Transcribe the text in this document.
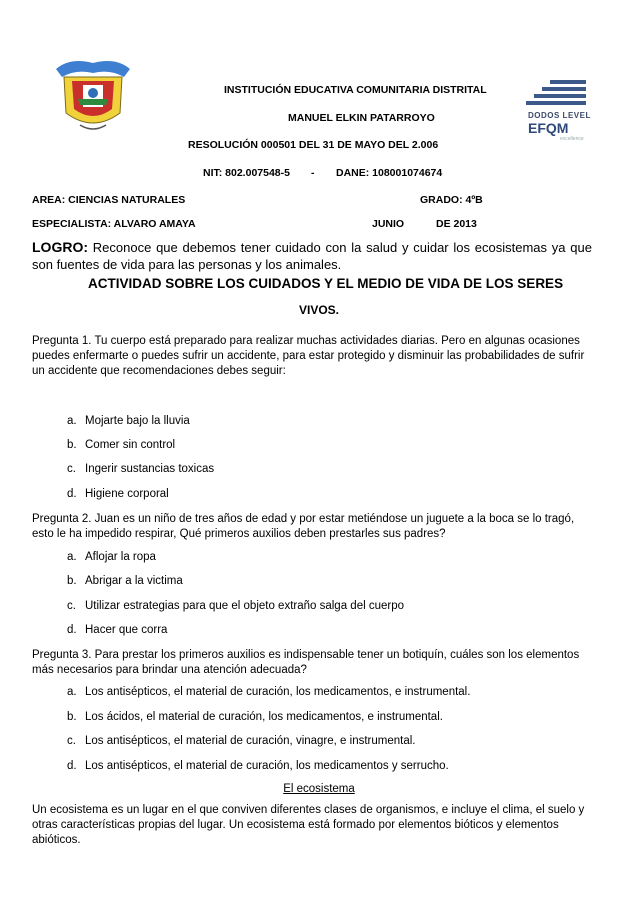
DODOS LEVEL
EFQM
excellence
INSTITUCIÓN EDUCATIVA COMUNITARIA DISTRITAL
MANUEL ELKIN PATARROYO
RESOLUCIÓN 000501 DEL 31 DE MAYO DEL 2.006
NIT: 802.007548-5 - DANE: 108001074674
AREA: CIENCIAS NATURALES	GRADO: 4ºB
ESPECIALISTA: ALVARO AMAYA	JUNIO	DE 2013
LOGRO: Reconoce que debemos tener cuidado con la salud y cuidar los ecosistemas ya que son fuentes de vida para las personas y los animales.
ACTIVIDAD SOBRE LOS CUIDADOS Y EL MEDIO DE VIDA DE LOS SERES
VIVOS.
Pregunta 1. Tu cuerpo está preparado para realizar muchas actividades diarias. Pero en algunas ocasiones puedes enfermarte o puedes sufrir un accidente, para estar protegido y disminuir las probabilidades de sufrir un accidente que recomendaciones debes seguir:
a. Mojarte bajo la lluvia
b. Comer sin control
c. Ingerir sustancias toxicas
d. Higiene corporal
Pregunta 2. Juan es un niño de tres años de edad y por estar metiéndose un juguete a la boca se lo tragó, esto le ha impedido respirar, Qué primeros auxilios deben prestarles sus padres?
a. Aflojar la ropa
b. Abrigar a la victima
c. Utilizar estrategias para que el objeto extraño salga del cuerpo
d. Hacer que corra
Pregunta 3. Para prestar los primeros auxilios es indispensable tener un botiquín, cuáles son los elementos más necesarios para brindar una atención adecuada?
a. Los antisépticos, el material de curación, los medicamentos, e instrumental.
b. Los ácidos, el material de curación, los medicamentos, e instrumental.
c. Los antisépticos, el material de curación, vinagre, e instrumental.
d. Los antisépticos, el material de curación, los medicamentos y serrucho.
El ecosistema
Un ecosistema es un lugar en el que conviven diferentes clases de organismos, e incluye el clima, el suelo y otras características propias del lugar. Un ecosistema está formado por elementos bióticos y elementos abióticos.
